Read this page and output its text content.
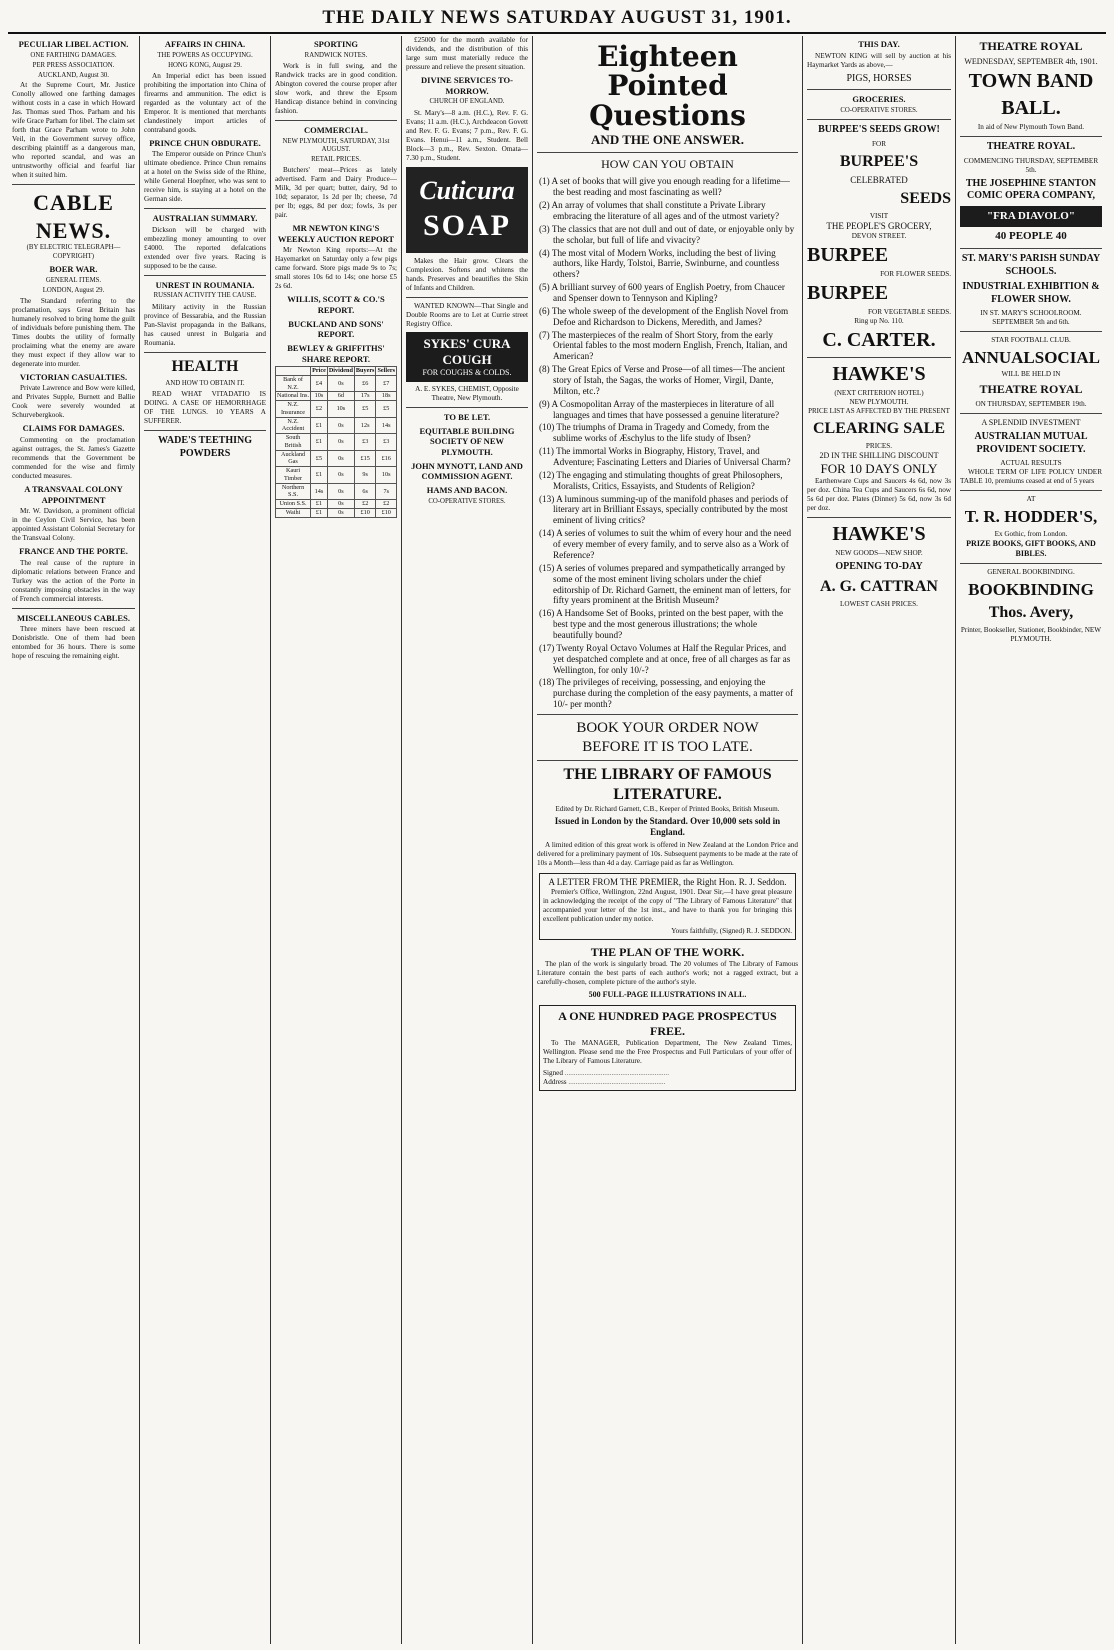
THE DAILY NEWS SATURDAY AUGUST 31, 1901.
PECULIAR LIBEL ACTION.
ONE FARTHING DAMAGES.
PER PRESS ASSOCIATION.
AUCKLAND, August 30.

At the Supreme Court, Mr. Justice Conolly allowed one farthing damages without costs in a case in which Howard Jas. Thomas sued Thos. Parham and his wife Grace Parham for libel. The claim set forth that Grace Parham wrote to John Veil, in the Government survey office, describing plaintiff as a dangerous man, who reported scandal, and was an untrustworthy official and fearful liar when it suited him.

CABLE NEWS.
(BY ELECTRIC TELEGRAPH—COPYRIGHT)
BOER WAR.
GENERAL ITEMS.
LONDON, August 29.

The Standard referring to the proclamation, says Great Britain has humanely resolved to bring home the guilt of individuals before punishing them. The Times doubts the utility of formally proclaiming what the enemy are aware they must expect if they allow war to degenerate into murder.

VICTORIAN CASUALTIES.

Private Lawrence and Bow were killed, and Privates Supple, Burnett and Ballie Cook were severely wounded at Schurvebergkook.

CLAIMS FOR DAMAGES.

Commenting on the proclamation against outrages, the St. James's Gazette recommends that the Government be commended for the wise and firmly conducted measures.

A TRANSVAAL COLONY APPOINTMENT

Mr. W. Davidson, a prominent official in the Ceylon Civil Service, has been appointed Assistant Colonial Secretary for the Transvaal Colony.

FRANCE AND THE PORTE.

The real cause of the rupture in diplomatic relations between France and Turkey was the action of the Porte in constantly imposing obstacles in the way of French commercial interests.

MISCELLANEOUS CABLES.

Three miners have been rescued at Donisbristle. One of them had been entombed for 36 hours. There is some hope of rescuing the remaining eight.

AFFAIRS IN CHINA.
THE POWERS AS OCCUPYING.
HONG KONG, August 29.

An Imperial edict has been issued prohibiting the importation into China of firearms and ammunition. The edict is regarded as the voluntary act of the Emperor. It is mentioned that merchants clandestinely import articles of contraband goods.

PRINCE CHUN OBDURATE.

The Emperor outside on Prince Chun's ultimate obedience. Prince Chun remains at a hotel on the Swiss side of the Rhine, while General Hoepfner, who was sent to receive him, is staying at a hotel on the German side.

AUSTRALIAN SUMMARY.

Dickson will be charged with embezzling money amounting to over £4000. The reported defalcations extended over five years. Racing is supposed to be the cause.

UNREST IN ROUMANIA.
RUSSIAN ACTIVITY THE CAUSE.

Military activity in the Russian province of Bessarabia, and the Russian Pan-Slavist propaganda in the Balkans, has caused unrest in Bulgaria and Roumania.

HEALTH
AND HOW TO OBTAIN IT.

READ WHAT VITADATIO IS DOING. A CASE OF HEMORRHAGE OF THE LUNGS. 10 YEARS A SUFFERER.

WADE'S TEETHING POWDERS
SPORTING
RANDWICK NOTES.

Work is in full swing, and the Randwick tracks are in good condition. Abington covered the course proper after slow work, and threw the Epsom Handicap distance behind in convincing fashion.

COMMERCIAL.
NEW PLYMOUTH, SATURDAY, 31st AUGUST.
RETAIL PRICES.

Butchers' meat—Prices as lately advertised. Farm and Dairy Produce—Milk, 3d per quart; butter, dairy, 9d to 10d; separator, 1s 2d per lb; cheese, 7d per lb; eggs, 8d per doz; fowls, 3s per pair.

MR NEWTON KING'S WEEKLY AUCTION REPORT

Mr Newton King reports:—At the Hayemarket on Saturday only a few pigs came forward. Store pigs made 9s to 7s; small stores 10s 6d to 14s; one horse £5 2s 6d.

WILLIS, SCOTT & CO.'S REPORT.
BUCKLAND AND SONS' REPORT.
BEWLEY & GRIFFITHS' SHARE REPORT.
	Price	Dividend	Buyers	Sellers
Bank of N.Z.	£4	0s	£6	£7
National Ins.	10s	6d	17s	18s
N.Z. Insurance	£2	10s	£5	£5
N.Z. Accident	£1	0s	12s	14s
South British	£1	0s	£3	£3
Auckland Gas	£5	0s	£15	£16
Kauri Timber	£1	0s	9s	10s
Northern S.S.	14s	0s	6s	7s
Union S.S.	£1	0s	£2	£2
Waihi	£1	0s	£10	£10

£25000 for the month available for dividends, and the distribution of this large sum must materially reduce the pressure and relieve the present situation.

DIVINE SERVICES TO-MORROW.
CHURCH OF ENGLAND.

St. Mary's—8 a.m. (H.C.), Rev. F. G. Evans; 11 a.m. (H.C.), Archdeacon Govett and Rev. F. G. Evans; 7 p.m., Rev. F. G. Evans. Henui—11 a.m., Student. Bell Block—3 p.m., Rev. Sexton. Omata—7.30 p.m., Student.

Cuticura
SOAP

Makes the Hair grow. Clears the Complexion. Softens and whitens the hands. Preserves and beautifies the Skin of Infants and Children.

WANTED KNOWN—That Single and Double Rooms are to Let at Currie street Registry Office.

SYKES' CURA COUGH
FOR COUGHS & COLDS.
A. E. SYKES, CHEMIST, Opposite Theatre, New Plymouth.
TO BE LET.
EQUITABLE BUILDING SOCIETY OF NEW PLYMOUTH.
JOHN MYNOTT, LAND AND COMMISSION AGENT.
HAMS AND BACON.
CO-OPERATIVE STORES.
Eighteen Pointed Questions
AND THE ONE ANSWER.
HOW CAN YOU OBTAIN
(1) A set of books that will give you enough reading for a lifetime—the best reading and most fascinating as well?
(2) An array of volumes that shall constitute a Private Library embracing the literature of all ages and of the utmost variety?
(3) The classics that are not dull and out of date, or enjoyable only by the scholar, but full of life and vivacity?
(4) The most vital of Modern Works, including the best of living authors, like Hardy, Tolstoi, Barrie, Swinburne, and countless others?
(5) A brilliant survey of 600 years of English Poetry, from Chaucer and Spenser down to Tennyson and Kipling?
(6) The whole sweep of the development of the English Novel from Defoe and Richardson to Dickens, Meredith, and James?
(7) The masterpieces of the realm of Short Story, from the early Oriental fables to the most modern English, French, Italian, and American?
(8) The Great Epics of Verse and Prose—of all times—The ancient story of Istah, the Sagas, the works of Homer, Virgil, Dante, Milton, etc.?
(9) A Cosmopolitan Array of the masterpieces in literature of all languages and times that have possessed a genuine literature?
(10) The triumphs of Drama in Tragedy and Comedy, from the sublime works of Æschylus to the life study of Ibsen?
(11) The immortal Works in Biography, History, Travel, and Adventure; Fascinating Letters and Diaries of Universal Charm?
(12) The engaging and stimulating thoughts of great Philosophers, Moralists, Critics, Essayists, and Students of Religion?
(13) A luminous summing-up of the manifold phases and periods of literary art in Brilliant Essays, specially contributed by the most eminent of living critics?
(14) A series of volumes to suit the whim of every hour and the need of every member of every family, and to serve also as a Work of Reference?
(15) A series of volumes prepared and sympathetically arranged by some of the most eminent living scholars under the chief editorship of Dr. Richard Garnett, the eminent man of letters, for fifty years prominent at the British Museum?
(16) A Handsome Set of Books, printed on the best paper, with the best type and the most generous illustrations; the whole beautifully bound?
(17) Twenty Royal Octavo Volumes at Half the Regular Prices, and yet despatched complete and at once, free of all charges as far as Wellington, for only 10/-?
(18) The privileges of receiving, possessing, and enjoying the purchase during the completion of the easy payments, a matter of 10/- per month?
BOOK YOUR ORDER NOW
BEFORE IT IS TOO LATE.
THE LIBRARY OF FAMOUS LITERATURE.
Edited by Dr. Richard Garnett, C.B., Keeper of Printed Books, British Museum.
Issued in London by the Standard. Over 10,000 sets sold in England.

A limited edition of this great work is offered in New Zealand at the London Price and delivered for a preliminary payment of 10s. Subsequent payments to be made at the rate of 10s a Month—less than 4d a day. Carriage paid as far as Wellington.

A LETTER FROM THE PREMIER, the Right Hon. R. J. Seddon.

Premier's Office, Wellington, 22nd August, 1901. Dear Sir,—I have great pleasure in acknowledging the receipt of the copy of "The Library of Famous Literature" that accompanied your letter of the 1st inst., and have to thank you for bringing this excellent publication under my notice.

Yours faithfully, (Signed) R. J. SEDDON.
THE PLAN OF THE WORK.

The plan of the work is singularly broad. The 20 volumes of The Library of Famous Literature contain the best parts of each author's work; not a ragged extract, but a carefully-chosen, complete picture of the author's style.

500 FULL-PAGE ILLUSTRATIONS IN ALL.
A ONE HUNDRED PAGE PROSPECTUS FREE.

To The MANAGER, Publication Department, The New Zealand Times, Wellington. Please send me the Free Prospectus and Full Particulars of your offer of The Library of Famous Literature.

Signed ..........................................................
Address ......................................................
THIS DAY.

NEWTON KING will sell by auction at his Haymarket Yards as above,—

PIGS, HORSES
GROCERIES.
CO-OPERATIVE STORES.
BURPEE'S SEEDS GROW!
FOR
BURPEE'S
CELEBRATED
SEEDS
VISIT
THE PEOPLE'S GROCERY,
DEVON STREET.
BURPEE
FOR FLOWER SEEDS.
BURPEE
FOR VEGETABLE SEEDS.
Ring up No. 110.
C. CARTER.
HAWKE'S
(NEXT CRITERION HOTEL)
NEW PLYMOUTH.
PRICE LIST AS AFFECTED BY THE PRESENT
CLEARING SALE
PRICES.
2D IN THE SHILLING DISCOUNT
FOR 10 DAYS ONLY

Earthenware Cups and Saucers 4s 6d, now 3s per doz. China Tea Cups and Saucers 6s 6d, now 5s 6d per doz. Plates (Dinner) 5s 6d, now 3s 6d per doz.

HAWKE'S
NEW GOODS—NEW SHOP.
OPENING TO-DAY
A. G. CATTRAN
LOWEST CASH PRICES.
THEATRE ROYAL
WEDNESDAY, SEPTEMBER 4th, 1901.
TOWN BAND
BALL.
In aid of New Plymouth Town Band.
THEATRE ROYAL.
COMMENCING THURSDAY, SEPTEMBER 5th.
THE JOSEPHINE STANTON COMIC OPERA COMPANY,
"FRA DIAVOLO"
40 PEOPLE 40
ST. MARY'S PARISH SUNDAY SCHOOLS.
INDUSTRIAL EXHIBITION & FLOWER SHOW.
IN ST. MARY'S SCHOOLROOM.
SEPTEMBER 5th and 6th.
STAR FOOTBALL CLUB.
ANNUALSOCIAL
WILL BE HELD IN
THEATRE ROYAL
ON THURSDAY, SEPTEMBER 19th.
A SPLENDID INVESTMENT
AUSTRALIAN MUTUAL PROVIDENT SOCIETY.
ACTUAL RESULTS

WHOLE TERM OF LIFE POLICY UNDER TABLE 10, premiums ceased at end of 5 years

AT
T. R. HODDER'S,
Ex Gothic, from London.
PRIZE BOOKS, GIFT BOOKS, AND BIBLES.
GENERAL BOOKBINDING.
BOOKBINDING
Thos. Avery,
Printer, Bookseller, Stationer, Bookbinder, NEW PLYMOUTH.
